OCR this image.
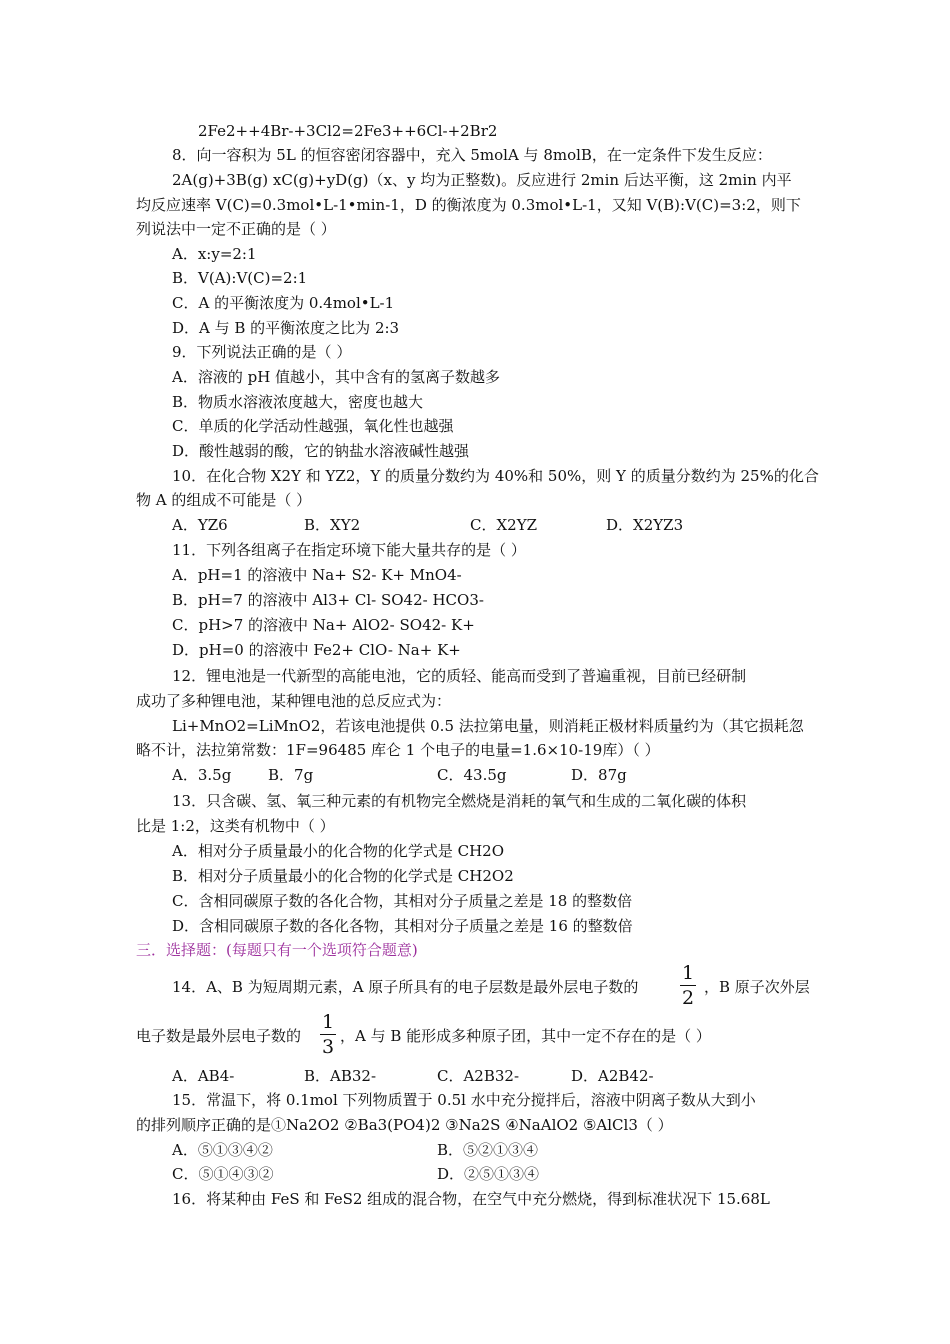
2Fe2++4Br-+3Cl2=2Fe3++6Cl-+2Br2
8．向一容积为 5L 的恒容密闭容器中，充入 5molA 与 8molB，在一定条件下发生反应：
2A(g)+3B(g) xC(g)+yD(g)（x、y 均为正整数)。反应进行 2min 后达平衡，这 2min 内平
均反应速率 V(C)=0.3mol•L-1•min-1，D 的衡浓度为 0.3mol•L-1，又知 V(B):V(C)=3:2，则下
列说法中一定不正确的是（ ）
A．x:y=2:1
B．V(A):V(C)=2:1
C．A 的平衡浓度为 0.4mol•L-1
D．A 与 B 的平衡浓度之比为 2:3
9．下列说法正确的是（ ）
A．溶液的 pH 值越小，其中含有的氢离子数越多
B．物质水溶液浓度越大，密度也越大
C．单质的化学活动性越强，氧化性也越强
D．酸性越弱的酸，它的钠盐水溶液碱性越强
10．在化合物 X2Y 和 YZ2，Y 的质量分数约为 40%和 50%，则 Y 的质量分数约为 25%的化合
物 A 的组成不可能是（ ）
A．YZ6	B．XY2	C．X2YZ	D．X2YZ3
11．下列各组离子在指定环境下能大量共存的是（ ）
A．pH=1 的溶液中 Na+ S2- K+ MnO4-
B．pH=7 的溶液中 Al3+ Cl- SO42- HCO3-
C．pH>7 的溶液中 Na+ AlO2- SO42- K+
D．pH=0 的溶液中 Fe2+ ClO- Na+ K+
12．锂电池是一代新型的高能电池，它的质轻、能高而受到了普遍重视，目前已经研制
成功了多种锂电池，某种锂电池的总反应式为：
Li+MnO2=LiMnO2，若该电池提供 0.5 法拉第电量，则消耗正极材料质量约为（其它损耗忽
略不计，法拉第常数：1F=96485 库仑 1 个电子的电量=1.6×10-19库）（ ）
A．3.5g B．7g	C．43.5g	D．87g
13．只含碳、氢、氧三种元素的有机物完全燃烧是消耗的氧气和生成的二氧化碳的体积
比是 1:2，这类有机物中（ ）
A．相对分子质量最小的化合物的化学式是 CH2O
B．相对分子质量最小的化合物的化学式是 CH2O2
C．含相同碳原子数的各化合物，其相对分子质量之差是 18 的整数倍
D．含相同碳原子数的各化各物，其相对分子质量之差是 16 的整数倍
三．选择题：(每题只有一个选项符合题意)
14．A、B 为短周期元素，A 原子所具有的电子层数是最外层电子数的
1
2 ，B 原子次外层
电子数是最外层电子数的
1
3 ，A 与 B 能形成多种原子团，其中一定不存在的是（ ）
A．AB4-	B．AB32-	C．A2B32-	D．A2B42-
15．常温下，将 0.1mol 下列物质置于 0.5l 水中充分搅拌后，溶液中阴离子数从大到小
的排列顺序正确的是①Na2O2 ②Ba3(PO4)2 ③Na2S ④NaAlO2 ⑤AlCl3（ ）
A．⑤①③④②	B．⑤②①③④
C．⑤①④③②	D．②⑤①③④
16．将某种由 FeS 和 FeS2 组成的混合物，在空气中充分燃烧，得到标准状况下 15.68L
